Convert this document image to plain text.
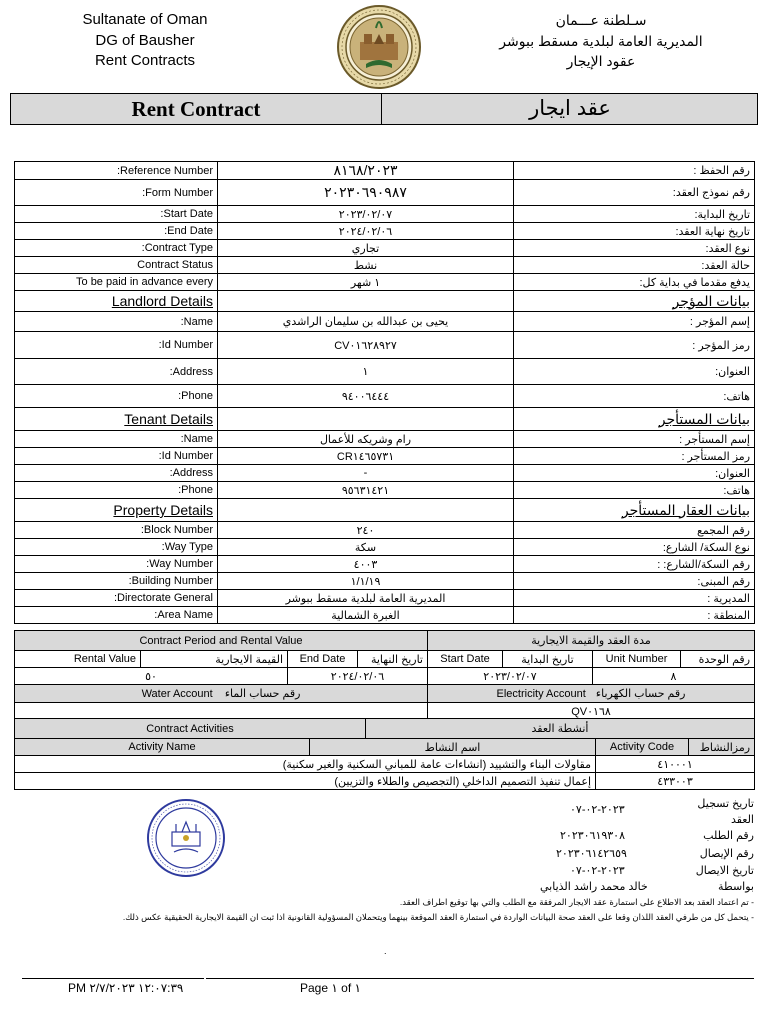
Sultanate of Oman
DG of Bausher
Rent Contracts
سـلطنة عـــمان
المديرية العامة لبلدية مسقط ببوشر
عقود الإيجار
Rent Contract	عقد ايجار
:Reference Number	٨١٦٨/٢٠٢٣	رقم الحفظ :
:Form Number	٢٠٢٣٠٦٩٠٩٨٧	رقم نموذج العقد:
:Start Date	٢٠٢٣/٠٢/٠٧	تاريخ البداية:
:End Date	٢٠٢٤/٠٢/٠٦	تاريخ نهاية العقد:
:Contract Type	تجاري	نوع العقد:
Contract Status	نشط	حالة العقد:
To be paid in advance every	١ شهر	يدفع مقدما في بداية كل:
Landlord Details		بيانات المؤجر
:Name	يحيى بن عبدالله بن سليمان الراشدي	إسم المؤجر :
:Id Number	CV٠١٦٢٨٩٢٧	رمز المؤجر :
:Address	١	العنوان:
:Phone	٩٤٠٠٦٤٤٤	هاتف:
Tenant Details		بيانات المستأجر
:Name	رام وشريكه للأعمال	إسم المستأجر :
:Id Number	CR١٤٦٥٧٣١	رمز المستأجر :
:Address	-	العنوان:
:Phone	٩٥٦٣١٤٢١	هاتف:
Property Details		بيانات العقار المستأجر
:Block Number	٢٤٠	رقم المجمع
:Way Type	سكة	نوع السكة/ الشارع:
:Way Number	٤٠٠٣	رقم السكة/الشارع: :
:Building Number	١/١/١٩	رقم المبنى:
:Directorate General	المديرية العامة لبلدية مسقط ببوشر	المديرية :
:Area Name	الغبرة الشمالية	المنطقة :
Contract Period and Rental Value				مدة العقد والقيمة الايجارية			
Rental Value	القيمة الايجارية	End Date	تاريخ النهاية	Start Date	تاريخ البداية	Unit Number	رقم الوحدة
٥٠		٢٠٢٤/٠٢/٠٦		٢٠٢٣/٠٢/٠٧		٨	
Water Account رقم حساب الماء				Electricity Account رقم حساب الكهرباء			
				QV٠١٦٨			
Contract Activities		أنشطة العقد		
Activity Name	اسم النشاط		Activity Code	رمزالنشاط
مقاولات البناء والتشييد (انشاءات عامة للمباني السكنية والغير سكنية)			٤١٠٠٠١	
إعمال تنفيذ التصميم الداخلي (التجصيص والطلاء والتزيين)			٤٣٣٠٠٣	
تاريخ تسجيل العقد
٢٠٢٣-٠٢-٠٧
رقم الطلب
٢٠٢٣٠٦١٩٣٠٨
رقم الإيصال
٢٠٢٣٠٦١٤٢٦٥٩
تاريخ الايصال
٢٠٢٣-٠٢-٠٧
بواسطة
خالد محمد راشد الذيابي
- تم اعتماد العقد بعد الاطلاع على استمارة عقد الايجار المرفقة مع الطلب والتي بها توقيع اطراف العقد.
- يتحمل كل من طرفي العقد اللذان وقعا على العقد صحة البيانات الواردة في استمارة العقد الموقعة بينهما ويتحملان المسؤولية القانونية اذا ثبت ان القيمة الايجارية الحقيقية عكس ذلك.
.
PM ١٢:٠٧:٣٩ ٢/٧/٢٠٢٣	Page ١ of ١
